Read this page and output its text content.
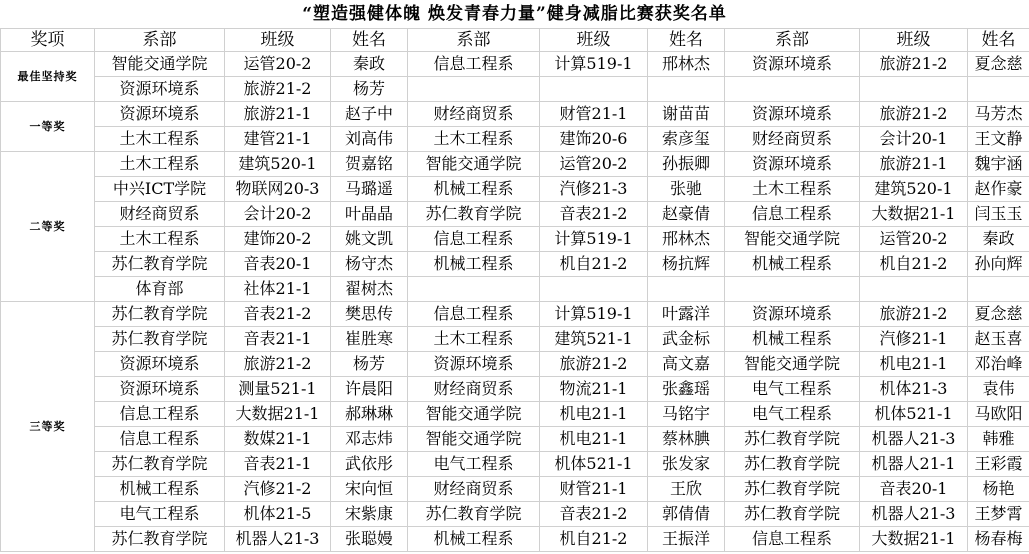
“塑造强健体魄 焕发青春力量”健身减脂比赛获奖名单
奖项	系部	班级	姓名	系部	班级	姓名	系部	班级	姓名
最佳坚持奖	智能交通学院	运管20-2	秦政	信息工程系	计算519-1	邢林杰	资源环境系	旅游21-2	夏念慈
	资源环境系	旅游21-2	杨芳						
一等奖	资源环境系	旅游21-1	赵子中	财经商贸系	财管21-1	谢苗苗	资源环境系	旅游21-2	马芳杰
	土木工程系	建管21-1	刘高伟	土木工程系	建饰20-6	索彦玺	财经商贸系	会计20-1	王文静
二等奖	土木工程系	建筑520-1	贺嘉铭	智能交通学院	运管20-2	孙振卿	资源环境系	旅游21-1	魏宇涵
	中兴ICT学院	物联网20-3	马璐遥	机械工程系	汽修21-3	张驰	土木工程系	建筑520-1	赵作豪
	财经商贸系	会计20-2	叶晶晶	苏仁教育学院	音表21-2	赵豪倩	信息工程系	大数据21-1	闫玉玉
	土木工程系	建饰20-2	姚文凯	信息工程系	计算519-1	邢林杰	智能交通学院	运管20-2	秦政
	苏仁教育学院	音表20-1	杨守杰	机械工程系	机自21-2	杨抗辉	机械工程系	机自21-2	孙向辉
	体育部	社体21-1	翟树杰						
三等奖	苏仁教育学院	音表21-2	樊思传	信息工程系	计算519-1	叶露洋	资源环境系	旅游21-2	夏念慈
	苏仁教育学院	音表21-1	崔胜寒	土木工程系	建筑521-1	武金标	机械工程系	汽修21-1	赵玉喜
	资源环境系	旅游21-2	杨芳	资源环境系	旅游21-2	高文嘉	智能交通学院	机电21-1	邓治峰
	资源环境系	测量521-1	许晨阳	财经商贸系	物流21-1	张鑫瑶	电气工程系	机体21-3	袁伟
	信息工程系	大数据21-1	郝琳琳	智能交通学院	机电21-1	马铭宇	电气工程系	机体521-1	马欧阳
	信息工程系	数媒21-1	邓志炜	智能交通学院	机电21-1	蔡林腆	苏仁教育学院	机器人21-3	韩雅
	苏仁教育学院	音表21-1	武依彤	电气工程系	机体521-1	张发家	苏仁教育学院	机器人21-1	王彩霞
	机械工程系	汽修21-2	宋向恒	财经商贸系	财管21-1	王欣	苏仁教育学院	音表20-1	杨艳
	电气工程系	机体21-5	宋紫康	苏仁教育学院	音表21-2	郭倩倩	苏仁教育学院	机器人21-3	王梦霄
	苏仁教育学院	机器人21-3	张聪嫚	机械工程系	机自21-2	王振洋	信息工程系	大数据21-1	杨春梅
